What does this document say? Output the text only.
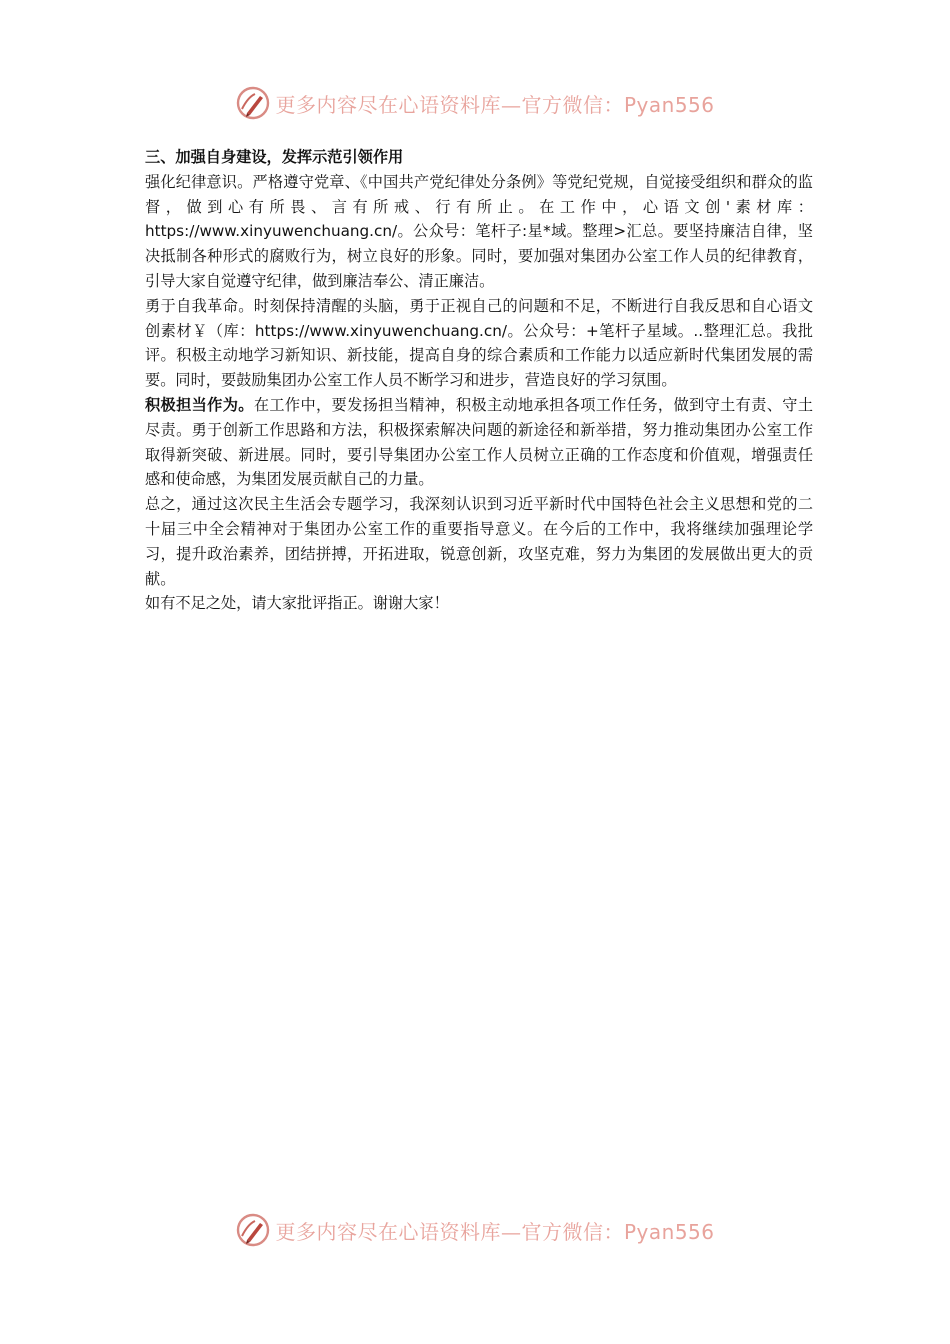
更多内容尽在心语资料库—官方微信：Pyan556

三、加强自身建设，发挥示范引领作用

强化纪律意识。严格遵守党章、《中国共产党纪律处分条例》等党纪党规，自觉接受组织和群众的监督，做到心有所畏、言有所戒、行有所止。在工作中，心语文创'素材库：https://www.xinyuwenchuang.cn/。公众号：笔杆子:星*域。整理>汇总。要坚持廉洁自律，坚决抵制各种形式的腐败行为，树立良好的形象。同时，要加强对集团办公室工作人员的纪律教育，引导大家自觉遵守纪律，做到廉洁奉公、清正廉洁。

勇于自我革命。时刻保持清醒的头脑，勇于正视自己的问题和不足，不断进行自我反思和自心语文创素材￥（库：https://www.xinyuwenchuang.cn/。公众号：+笔杆子星域。..整理汇总。我批评。积极主动地学习新知识、新技能，提高自身的综合素质和工作能力以适应新时代集团发展的需要。同时，要鼓励集团办公室工作人员不断学习和进步，营造良好的学习氛围。

积极担当作为。在工作中，要发扬担当精神，积极主动地承担各项工作任务，做到守土有责、守土尽责。勇于创新工作思路和方法，积极探索解决问题的新途径和新举措，努力推动集团办公室工作取得新突破、新进展。同时，要引导集团办公室工作人员树立正确的工作态度和价值观，增强责任感和使命感，为集团发展贡献自己的力量。

总之，通过这次民主生活会专题学习，我深刻认识到习近平新时代中国特色社会主义思想和党的二十届三中全会精神对于集团办公室工作的重要指导意义。在今后的工作中，我将继续加强理论学习，提升政治素养，团结拼搏，开拓进取，锐意创新，攻坚克难，努力为集团的发展做出更大的贡献。

如有不足之处，请大家批评指正。谢谢大家！

更多内容尽在心语资料库—官方微信：Pyan556
